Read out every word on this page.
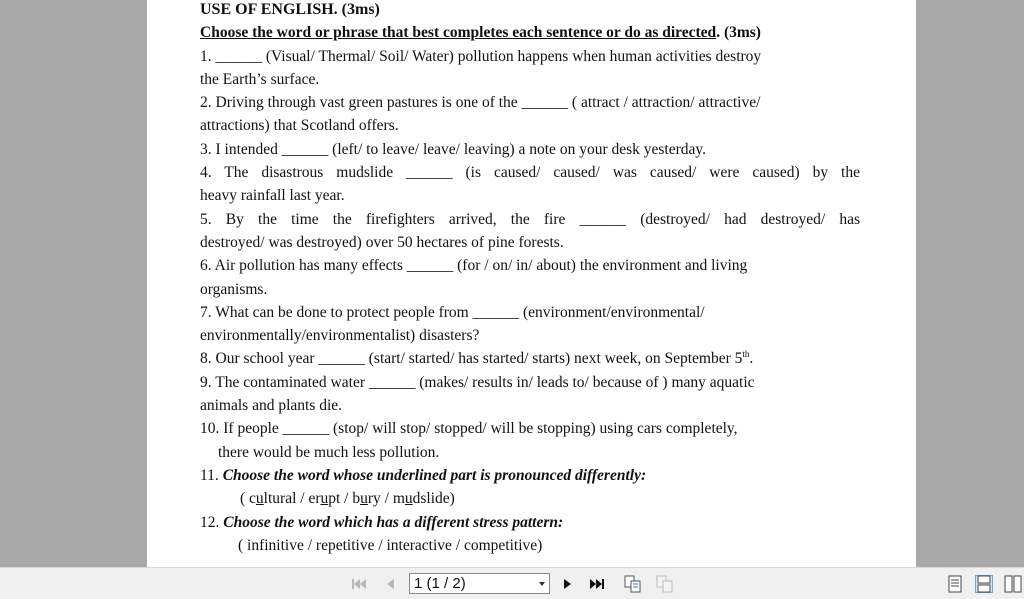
USE OF ENGLISH. (3ms)
Choose the word or phrase that best completes each sentence or do as directed. (3ms)
1. ______ (Visual/ Thermal/ Soil/ Water) pollution happens when human activities destroy
the Earth’s surface.
2. Driving through vast green pastures is one of the ______ ( attract / attraction/ attractive/
attractions) that Scotland offers.
3. I intended ______ (left/ to leave/ leave/ leaving) a note on your desk yesterday.
4. The disastrous mudslide ______ (is caused/ caused/ was caused/ were caused) by the
heavy rainfall last year.
5. By the time the firefighters arrived, the fire ______ (destroyed/ had destroyed/ has
destroyed/ was destroyed) over 50 hectares of pine forests.
6. Air pollution has many effects ______ (for / on/ in/ about) the environment and living
organisms.
7. What can be done to protect people from ______ (environment/environmental/
environmentally/environmentalist) disasters?
8. Our school year ______ (start/ started/ has started/ starts) next week, on September 5th.
9. The contaminated water ______ (makes/ results in/ leads to/ because of ) many aquatic
animals and plants die.
10. If people ______ (stop/ will stop/ stopped/ will be stopping) using cars completely,
there would be much less pollution.
11. Choose the word whose underlined part is pronounced differently:
( cultural / erupt / bury / mudslide)
12. Choose the word which has a different stress pattern:
( infinitive / repetitive / interactive / competitive)
1 (1 / 2)
